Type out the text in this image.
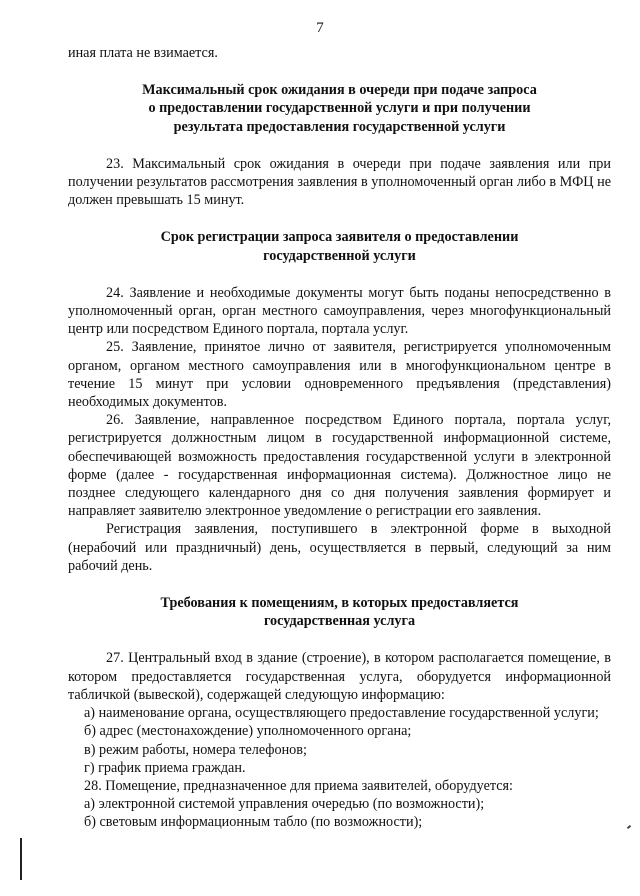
7

иная плата не взимается.

Максимальный срок ожидания в очереди при подаче запроса

о предоставлении государственной услуги и при получении

результата предоставления государственной услуги

23. Максимальный срок ожидания в очереди при подаче заявления или при получении результатов рассмотрения заявления в уполномоченный орган либо в МФЦ не должен превышать 15 минут.

Срок регистрации запроса заявителя о предоставлении

государственной услуги

24. Заявление и необходимые документы могут быть поданы непосредственно в уполномоченный орган, орган местного самоуправления, через многофункциональный центр или посредством Единого портала, портала услуг.

25. Заявление, принятое лично от заявителя, регистрируется уполномоченным органом, органом местного самоуправления или в многофункциональном центре в течение 15 минут при условии одновременного предъявления (представления) необходимых документов.

26. Заявление, направленное посредством Единого портала, портала услуг, регистрируется должностным лицом в государственной информационной системе, обеспечивающей возможность предоставления государственной услуги в электронной форме (далее - государственная информационная система). Должностное лицо не позднее следующего календарного дня со дня получения заявления формирует и направляет заявителю электронное уведомление о регистрации его заявления.

Регистрация заявления, поступившего в электронной форме в выходной (нерабочий или праздничный) день, осуществляется в первый, следующий за ним рабочий день.

Требования к помещениям, в которых предоставляется

государственная услуга

27. Центральный вход в здание (строение), в котором располагается помещение, в котором предоставляется государственная услуга, оборудуется информационной табличкой (вывеской), содержащей следующую информацию:

а) наименование органа, осуществляющего предоставление государственной услуги;

б) адрес (местонахождение) уполномоченного органа;

в) режим работы, номера телефонов;

г) график приема граждан.

28. Помещение, предназначенное для приема заявителей, оборудуется:

а) электронной системой управления очередью (по возможности);

б) световым информационным табло (по возможности);
